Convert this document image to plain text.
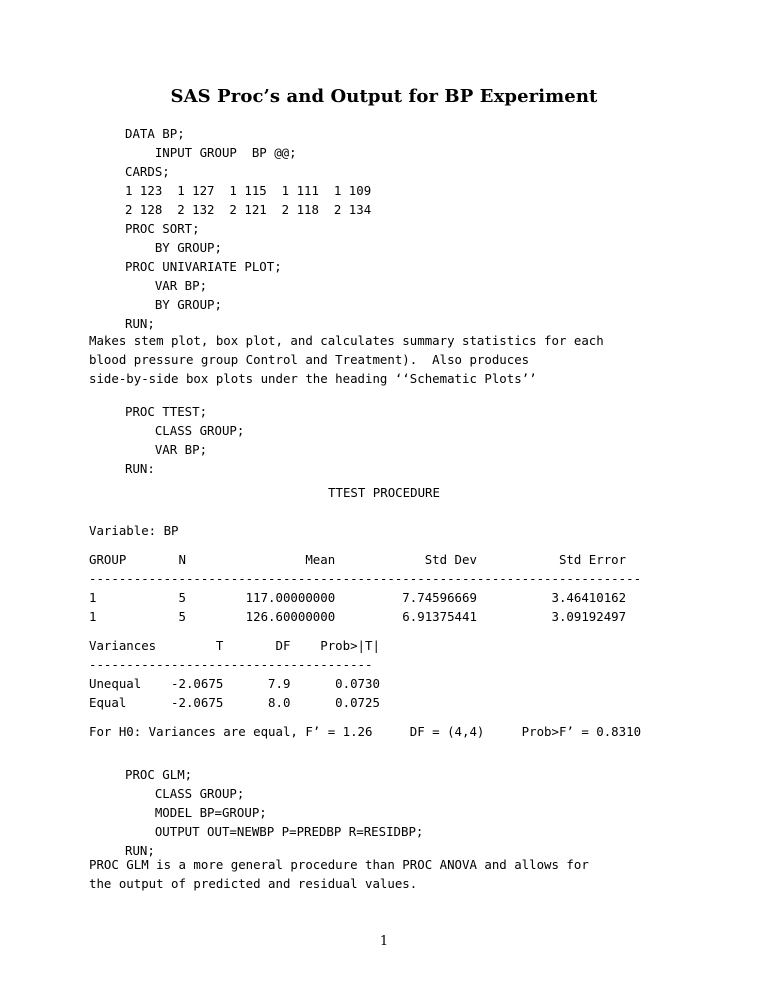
SAS Proc’s and Output for BP Experiment
DATA BP;
INPUT GROUP  BP @@;
CARDS;
1 123  1 127  1 115  1 111  1 109
2 128  2 132  2 121  2 118  2 134
PROC SORT;
BY GROUP;
PROC UNIVARIATE PLOT;
VAR BP;
BY GROUP;
RUN;
Makes stem plot, box plot, and calculates summary statistics for each
blood pressure group Control and Treatment).  Also produces
side-by-side box plots under the heading ‘‘Schematic Plots’’
PROC TTEST;
CLASS GROUP;
VAR BP;
RUN:
TTEST PROCEDURE
Variable: BP
GROUP       N                Mean            Std Dev           Std Error
--------------------------------------------------------------------------
1           5        117.00000000         7.74596669          3.46410162
1           5        126.60000000         6.91375441          3.09192497
Variances        T       DF    Prob>|T|
--------------------------------------
Unequal    -2.0675      7.9      0.0730
Equal      -2.0675      8.0      0.0725
For H0: Variances are equal, F’ = 1.26     DF = (4,4)     Prob>F’ = 0.8310
PROC GLM;
CLASS GROUP;
MODEL BP=GROUP;
OUTPUT OUT=NEWBP P=PREDBP R=RESIDBP;
RUN;
PROC GLM is a more general procedure than PROC ANOVA and allows for
the output of predicted and residual values.
1
